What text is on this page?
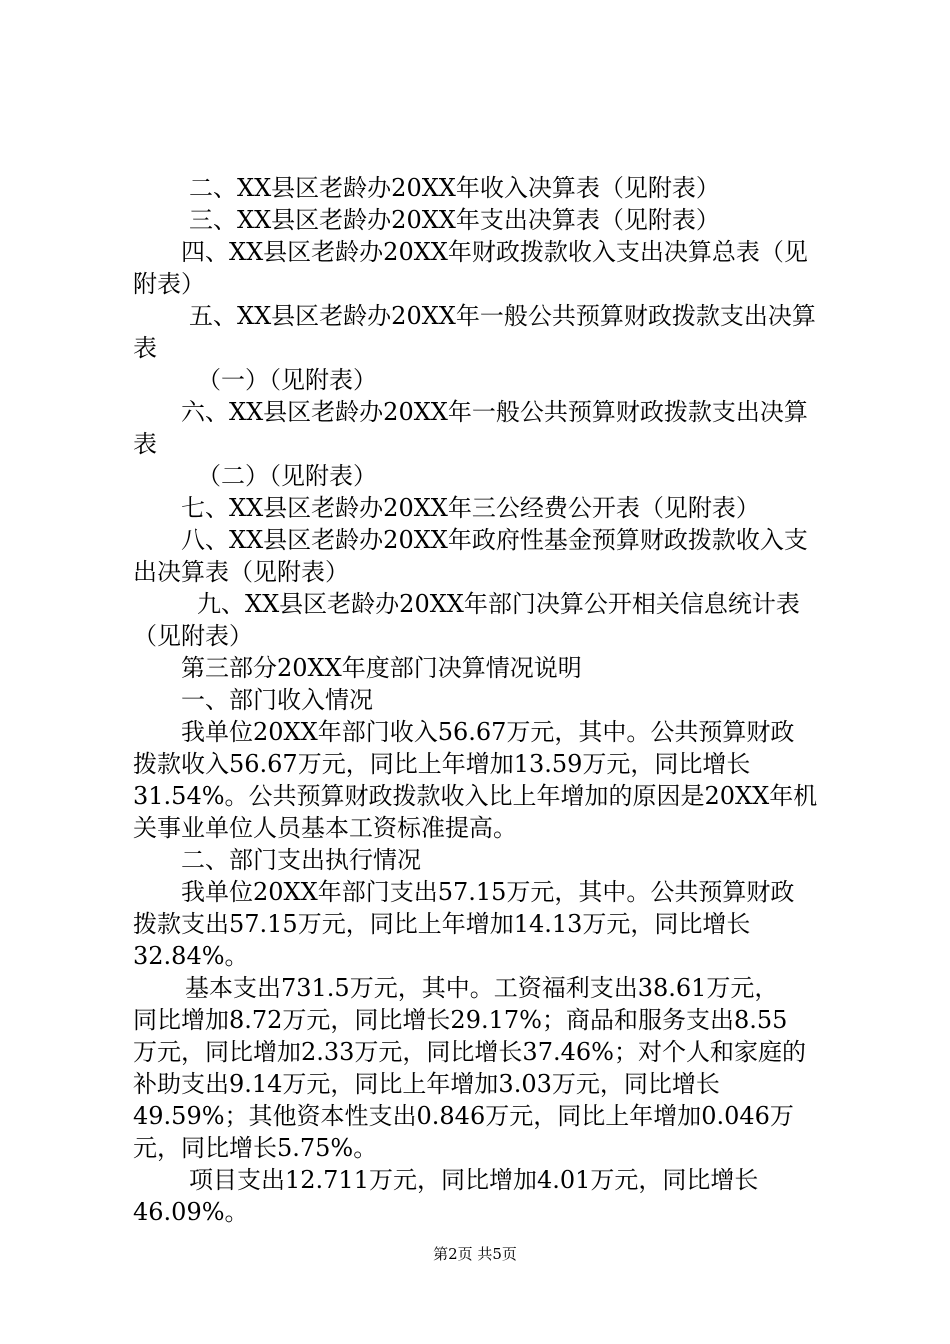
二、XX县区老龄办20XX年收入决算表（见附表）
三、XX县区老龄办20XX年支出决算表（见附表）
四、XX县区老龄办20XX年财政拨款收入支出决算总表（见
附表）
五、XX县区老龄办20XX年一般公共预算财政拨款支出决算
表
（一）（见附表）
六、XX县区老龄办20XX年一般公共预算财政拨款支出决算
表
（二）（见附表）
七、XX县区老龄办20XX年三公经费公开表（见附表）
八、XX县区老龄办20XX年政府性基金预算财政拨款收入支
出决算表（见附表）
九、XX县区老龄办20XX年部门决算公开相关信息统计表
（见附表）
第三部分20XX年度部门决算情况说明
一、部门收入情况
我单位20XX年部门收入56.67万元，其中。公共预算财政
拨款收入56.67万元，同比上年增加13.59万元，同比增长
31.54%。公共预算财政拨款收入比上年增加的原因是20XX年机
关事业单位人员基本工资标准提高。
二、部门支出执行情况
我单位20XX年部门支出57.15万元，其中。公共预算财政
拨款支出57.15万元，同比上年增加14.13万元，同比增长
32.84%。
基本支出731.5万元，其中。工资福利支出38.61万元，
同比增加8.72万元，同比增长29.17%；商品和服务支出8.55
万元，同比增加2.33万元，同比增长37.46%；对个人和家庭的
补助支出9.14万元，同比上年增加3.03万元，同比增长
49.59%；其他资本性支出0.846万元，同比上年增加0.046万
元，同比增长5.75%。
项目支出12.711万元，同比增加4.01万元，同比增长
46.09%。
第2页 共5页
